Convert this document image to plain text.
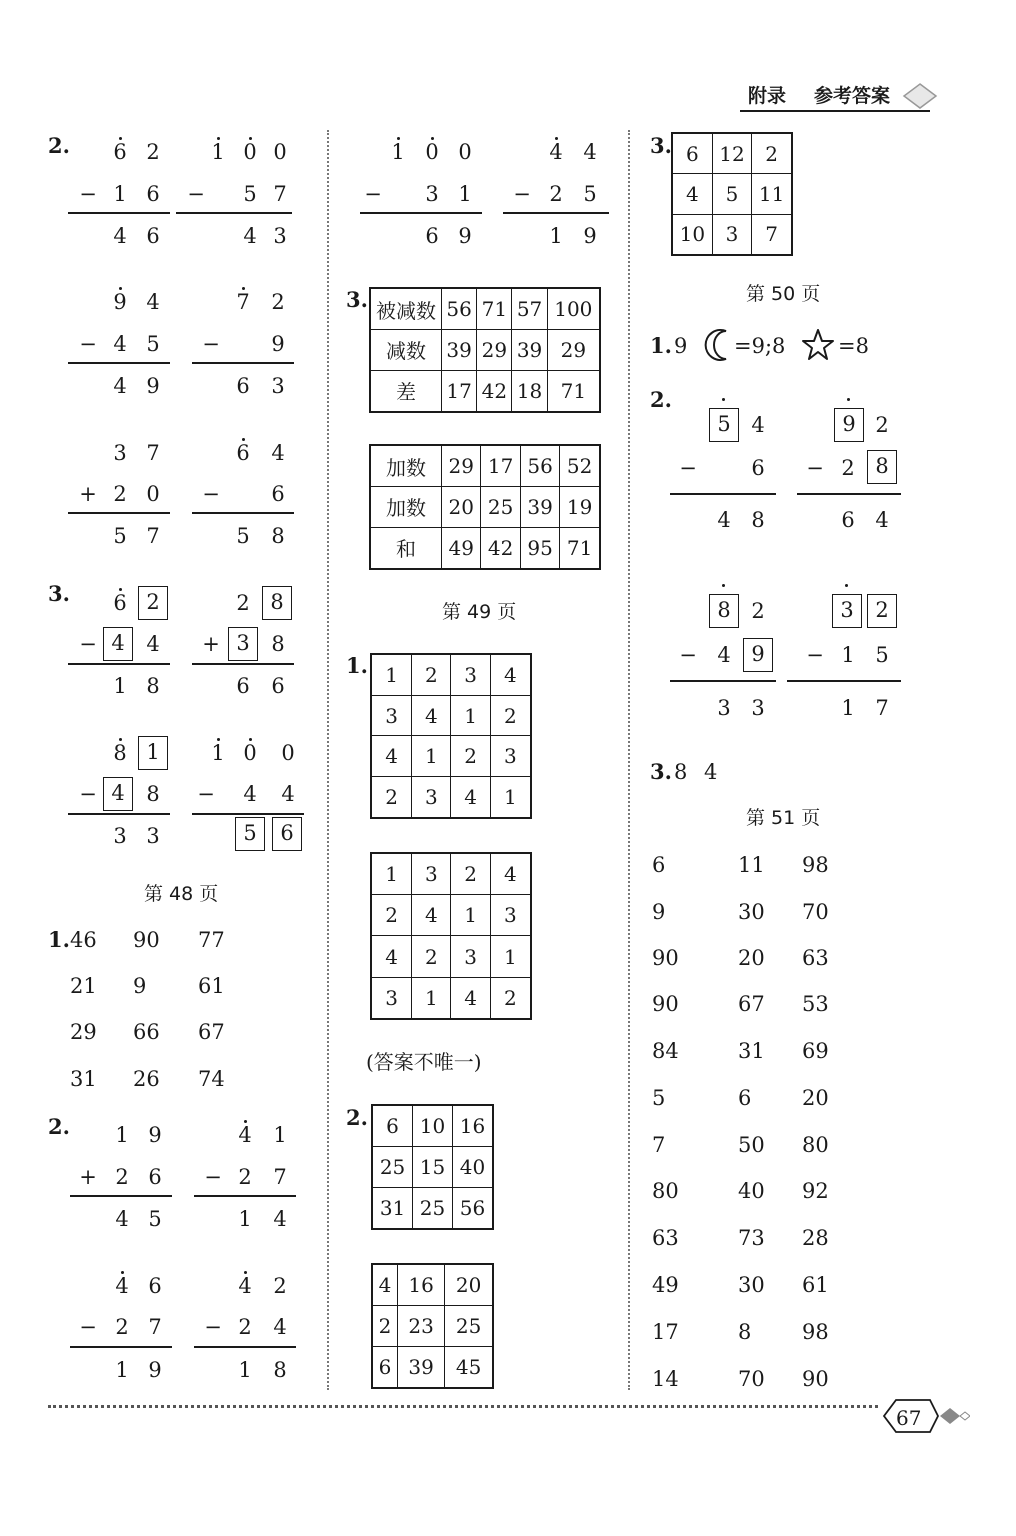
附录 参考答案
2. 6 2
− 1 6
4 6
1 0 0
− 5 7
4 3
9 4
− 4 5
4 9
7 2
− 9
6 3
3 7
+ 2 0
5 7
6 4
− 6
5 8
3. 6 2
− 4	4
1 8
2 8
+ 3	8
6 6
8 1
− 4	8
3 3
1 0 0
− 4 4
5	6
第 48 页
1. 46 90 77
21 9 61
29 66 67
31 26 74
2. 1 9
+ 2 6
4 5
4 1
− 2 7
1 4
4 6
− 2 7
1 9
4 2
− 2 4
1 8
1 0 0
− 3 1
6 9
4 4
− 2 5
1 9
3. 被减数	56	71	57	100
减数	39	29	39	29
差	17	42	18	71
加数	29	17	56	52
加数	20	25	39	19
和	49	42	95	71
第 49 页
1. 1	2	3	4
3	4	1	2
4	1	2	3
2	3	4	1
1	3	2	4
2	4	1	3
4	2	3	1
3	1	4	2
(答案不唯一)
2. 6	10	16
25	15	40
31	25	56
4	16	20
2	23	25
6	39	45
3. 6	12	2
4	5	11
10	3	7
第 50 页
1. 9 =9;8	=8
2.
5 4
−	6
4 8
9 2
− 2 8
6 4
8 2
− 4 9
3 3
3	2
− 1 5
1 7
3. 8 4
第 51 页
6	11 98
9	30 70
90	20 63
90	67 53
84	31 69
5	6 20
7	50 80
80	40 92
63	73 28
49	30 61
17	8 98
14	70 90
67
